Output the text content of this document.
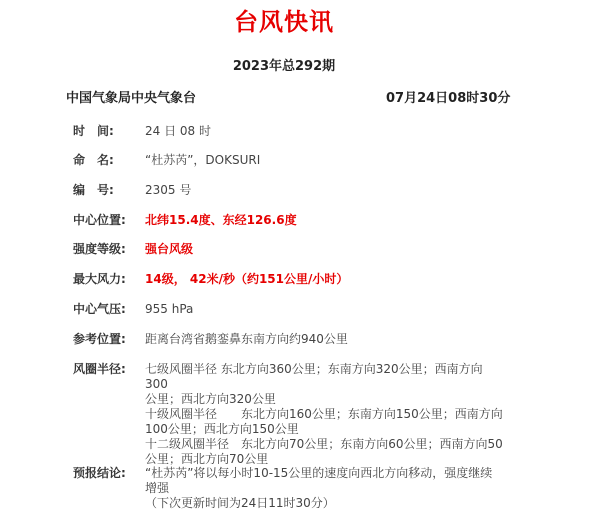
台风快讯
2023年总292期
中国气象局中央气象台	07月24日08时30分
时　间:	24 日 08 时
命　名:	“杜苏芮”，DOKSURI
编　号:	2305 号
中心位置:	北纬15.4度、东经126.6度
强度等级:	强台风级
最大风力:	14级， 42米/秒（约151公里/小时）
中心气压:	955 hPa
参考位置:	距离台湾省鹅銮鼻东南方向约940公里
风圈半径:	七级风圈半径 东北方向360公里；东南方向320公里；西南方向300
公里；西北方向320公里
十级风圈半径　　东北方向160公里；东南方向150公里；西南方向
100公里；西北方向150公里
十二级风圈半径　东北方向70公里；东南方向60公里；西南方向50
公里；西北方向70公里
预报结论:	“杜苏芮”将以每小时10-15公里的速度向西北方向移动，强度继续
增强
（下次更新时间为24日11时30分）
